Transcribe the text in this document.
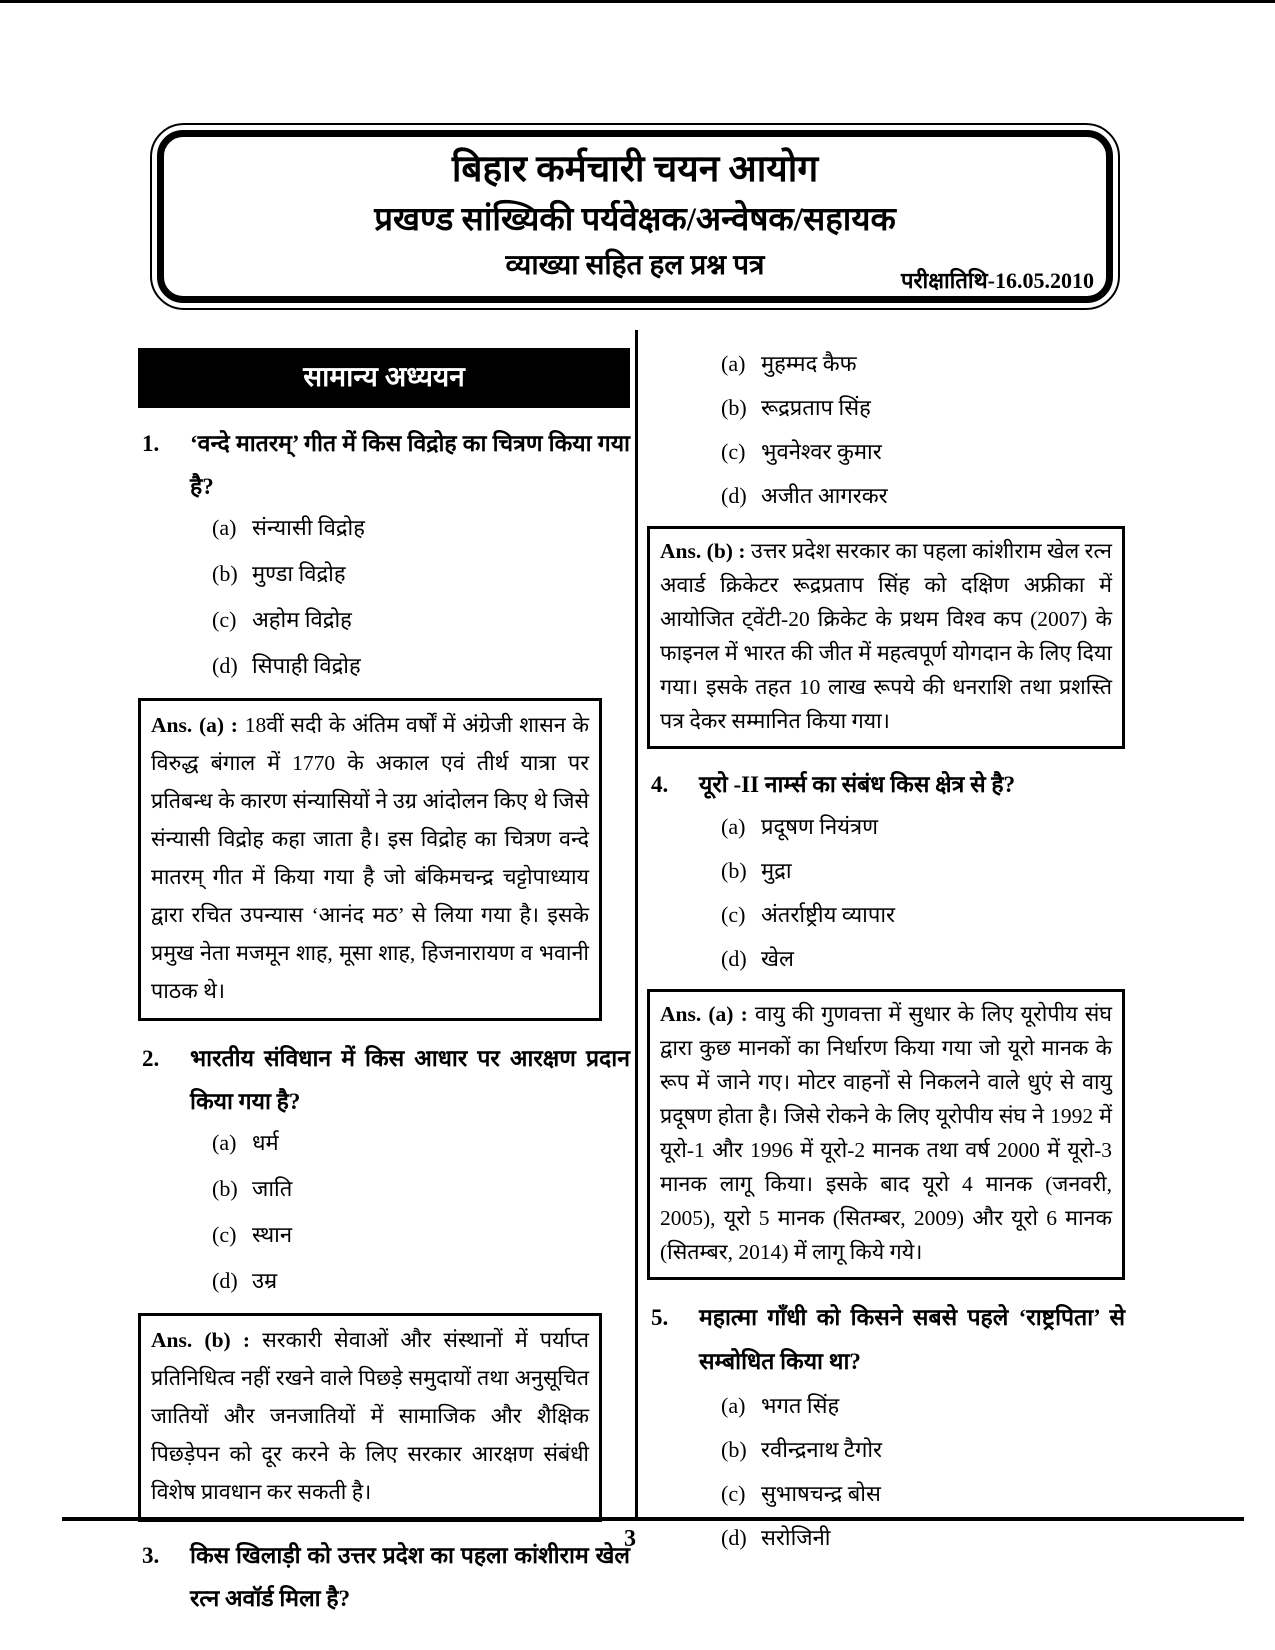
बिहार कर्मचारी चयन आयोग
प्रखण्ड सांख्यिकी पर्यवेक्षक/अन्वेषक/सहायक
व्याख्या सहित हल प्रश्न पत्र	परीक्षातिथि-16.05.2010
सामान्य अध्ययन
1. ‘वन्दे मातरम्’ गीत में किस विद्रोह का चित्रण किया गया है?
(a) संन्यासी विद्रोह
(b) मुण्डा विद्रोह
(c) अहोम विद्रोह
(d) सिपाही विद्रोह
Ans. (a) : 18वीं सदी के अंतिम वर्षों में अंग्रेजी शासन के विरुद्ध बंगाल में 1770 के अकाल एवं तीर्थ यात्रा पर प्रतिबन्ध के कारण संन्यासियों ने उग्र आंदोलन किए थे जिसे संन्यासी विद्रोह कहा जाता है। इस विद्रोह का चित्रण वन्दे मातरम् गीत में किया गया है जो बंकिमचन्द्र चट्टोपाध्याय द्वारा रचित उपन्यास ‘आनंद मठ’ से लिया गया है। इसके प्रमुख नेता मजमून शाह, मूसा शाह, हिजनारायण व भवानी पाठक थे।
2. भारतीय संविधान में किस आधार पर आरक्षण प्रदान किया गया है?
(a) धर्म
(b) जाति
(c) स्थान
(d) उम्र
Ans. (b) : सरकारी सेवाओं और संस्थानों में पर्याप्त प्रतिनिधित्व नहीं रखने वाले पिछड़े समुदायों तथा अनुसूचित जातियों और जनजातियों में सामाजिक और शैक्षिक पिछड़ेपन को दूर करने के लिए सरकार आरक्षण संबंधी विशेष प्रावधान कर सकती है।
3. किस खिलाड़ी को उत्तर प्रदेश का पहला कांशीराम खेल रत्न अवॉर्ड मिला है?
(a) मुहम्मद कैफ
(b) रूद्रप्रताप सिंह
(c) भुवनेश्वर कुमार
(d) अजीत आगरकर
Ans. (b) : उत्तर प्रदेश सरकार का पहला कांशीराम खेल रत्न अवार्ड क्रिकेटर रूद्रप्रताप सिंह को दक्षिण अफ्रीका में आयोजित ट्वेंटी-20 क्रिकेट के प्रथम विश्व कप (2007) के फाइनल में भारत की जीत में महत्वपूर्ण योगदान के लिए दिया गया। इसके तहत 10 लाख रूपये की धनराशि तथा प्रशस्ति पत्र देकर सम्मानित किया गया।
4. यूरो -II नार्म्स का संबंध किस क्षेत्र से है?
(a) प्रदूषण नियंत्रण
(b) मुद्रा
(c) अंतर्राष्ट्रीय व्यापार
(d) खेल
Ans. (a) : वायु की गुणवत्ता में सुधार के लिए यूरोपीय संघ द्वारा कुछ मानकों का निर्धारण किया गया जो यूरो मानक के रूप में जाने गए। मोटर वाहनों से निकलने वाले धुएं से वायु प्रदूषण होता है। जिसे रोकने के लिए यूरोपीय संघ ने 1992 में यूरो-1 और 1996 में यूरो-2 मानक तथा वर्ष 2000 में यूरो-3 मानक लागू किया। इसके बाद यूरो 4 मानक (जनवरी, 2005), यूरो 5 मानक (सितम्बर, 2009) और यूरो 6 मानक (सितम्बर, 2014) में लागू किये गये।
5. महात्मा गाँधी को किसने सबसे पहले ‘राष्ट्रपिता’ से सम्बोधित किया था?
(a) भगत सिंह
(b) रवीन्द्रनाथ टैगोर
(c) सुभाषचन्द्र बोस
(d) सरोजिनी
3
